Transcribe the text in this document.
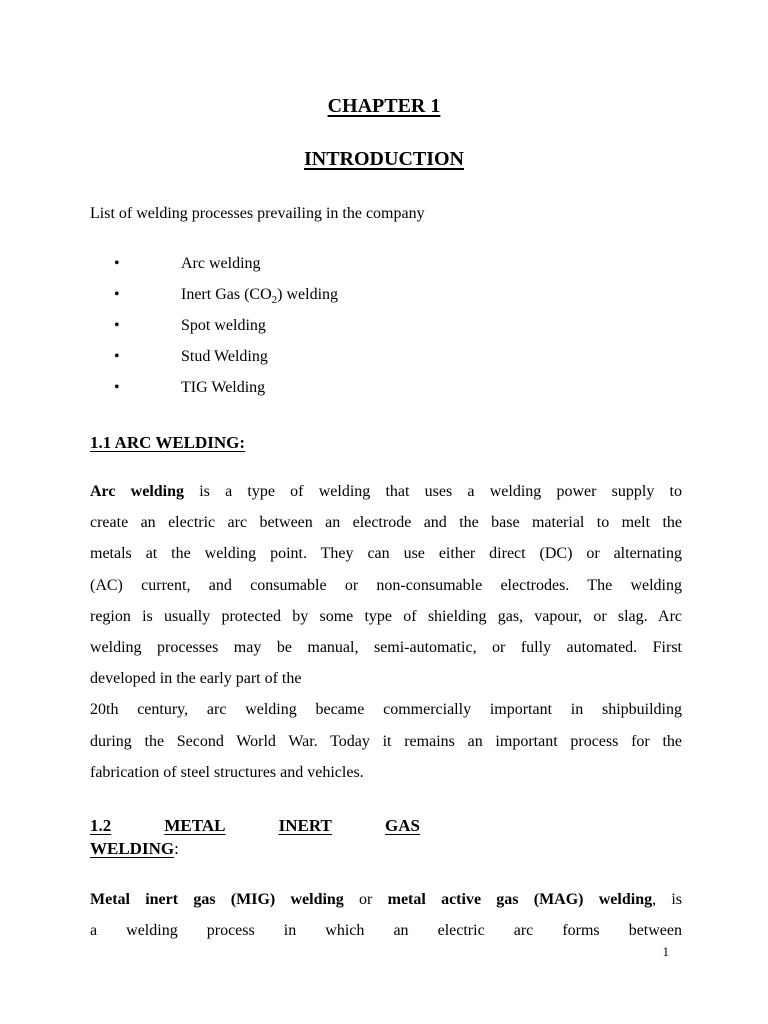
CHAPTER 1
INTRODUCTION
List of welding processes prevailing in the company
•	Arc welding
•	Inert Gas $(CO_2)$ welding
•	Spot welding
•	Stud Welding
•	TIG Welding
1.1 ARC WELDING:
Arc welding is a type of welding that uses a welding power supply to
create an electric arc between an electrode and the base material to melt the
metals at the welding point. They can use either direct (DC) or alternating
(AC) current, and consumable or non-consumable electrodes. The welding
region is usually protected by some type of shielding gas, vapour, or slag. Arc
welding processes may be manual, semi-automatic, or fully automated. First
developed in the early part of the
20th century, arc welding became commercially important in shipbuilding
during the Second World War. Today it remains an important process for the
fabrication of steel structures and vehicles.
1.2	METAL	INERT	GAS
WELDING:
Metal inert gas (MIG) welding or metal active gas (MAG) welding, is
a welding process in which an electric arc forms between
1
